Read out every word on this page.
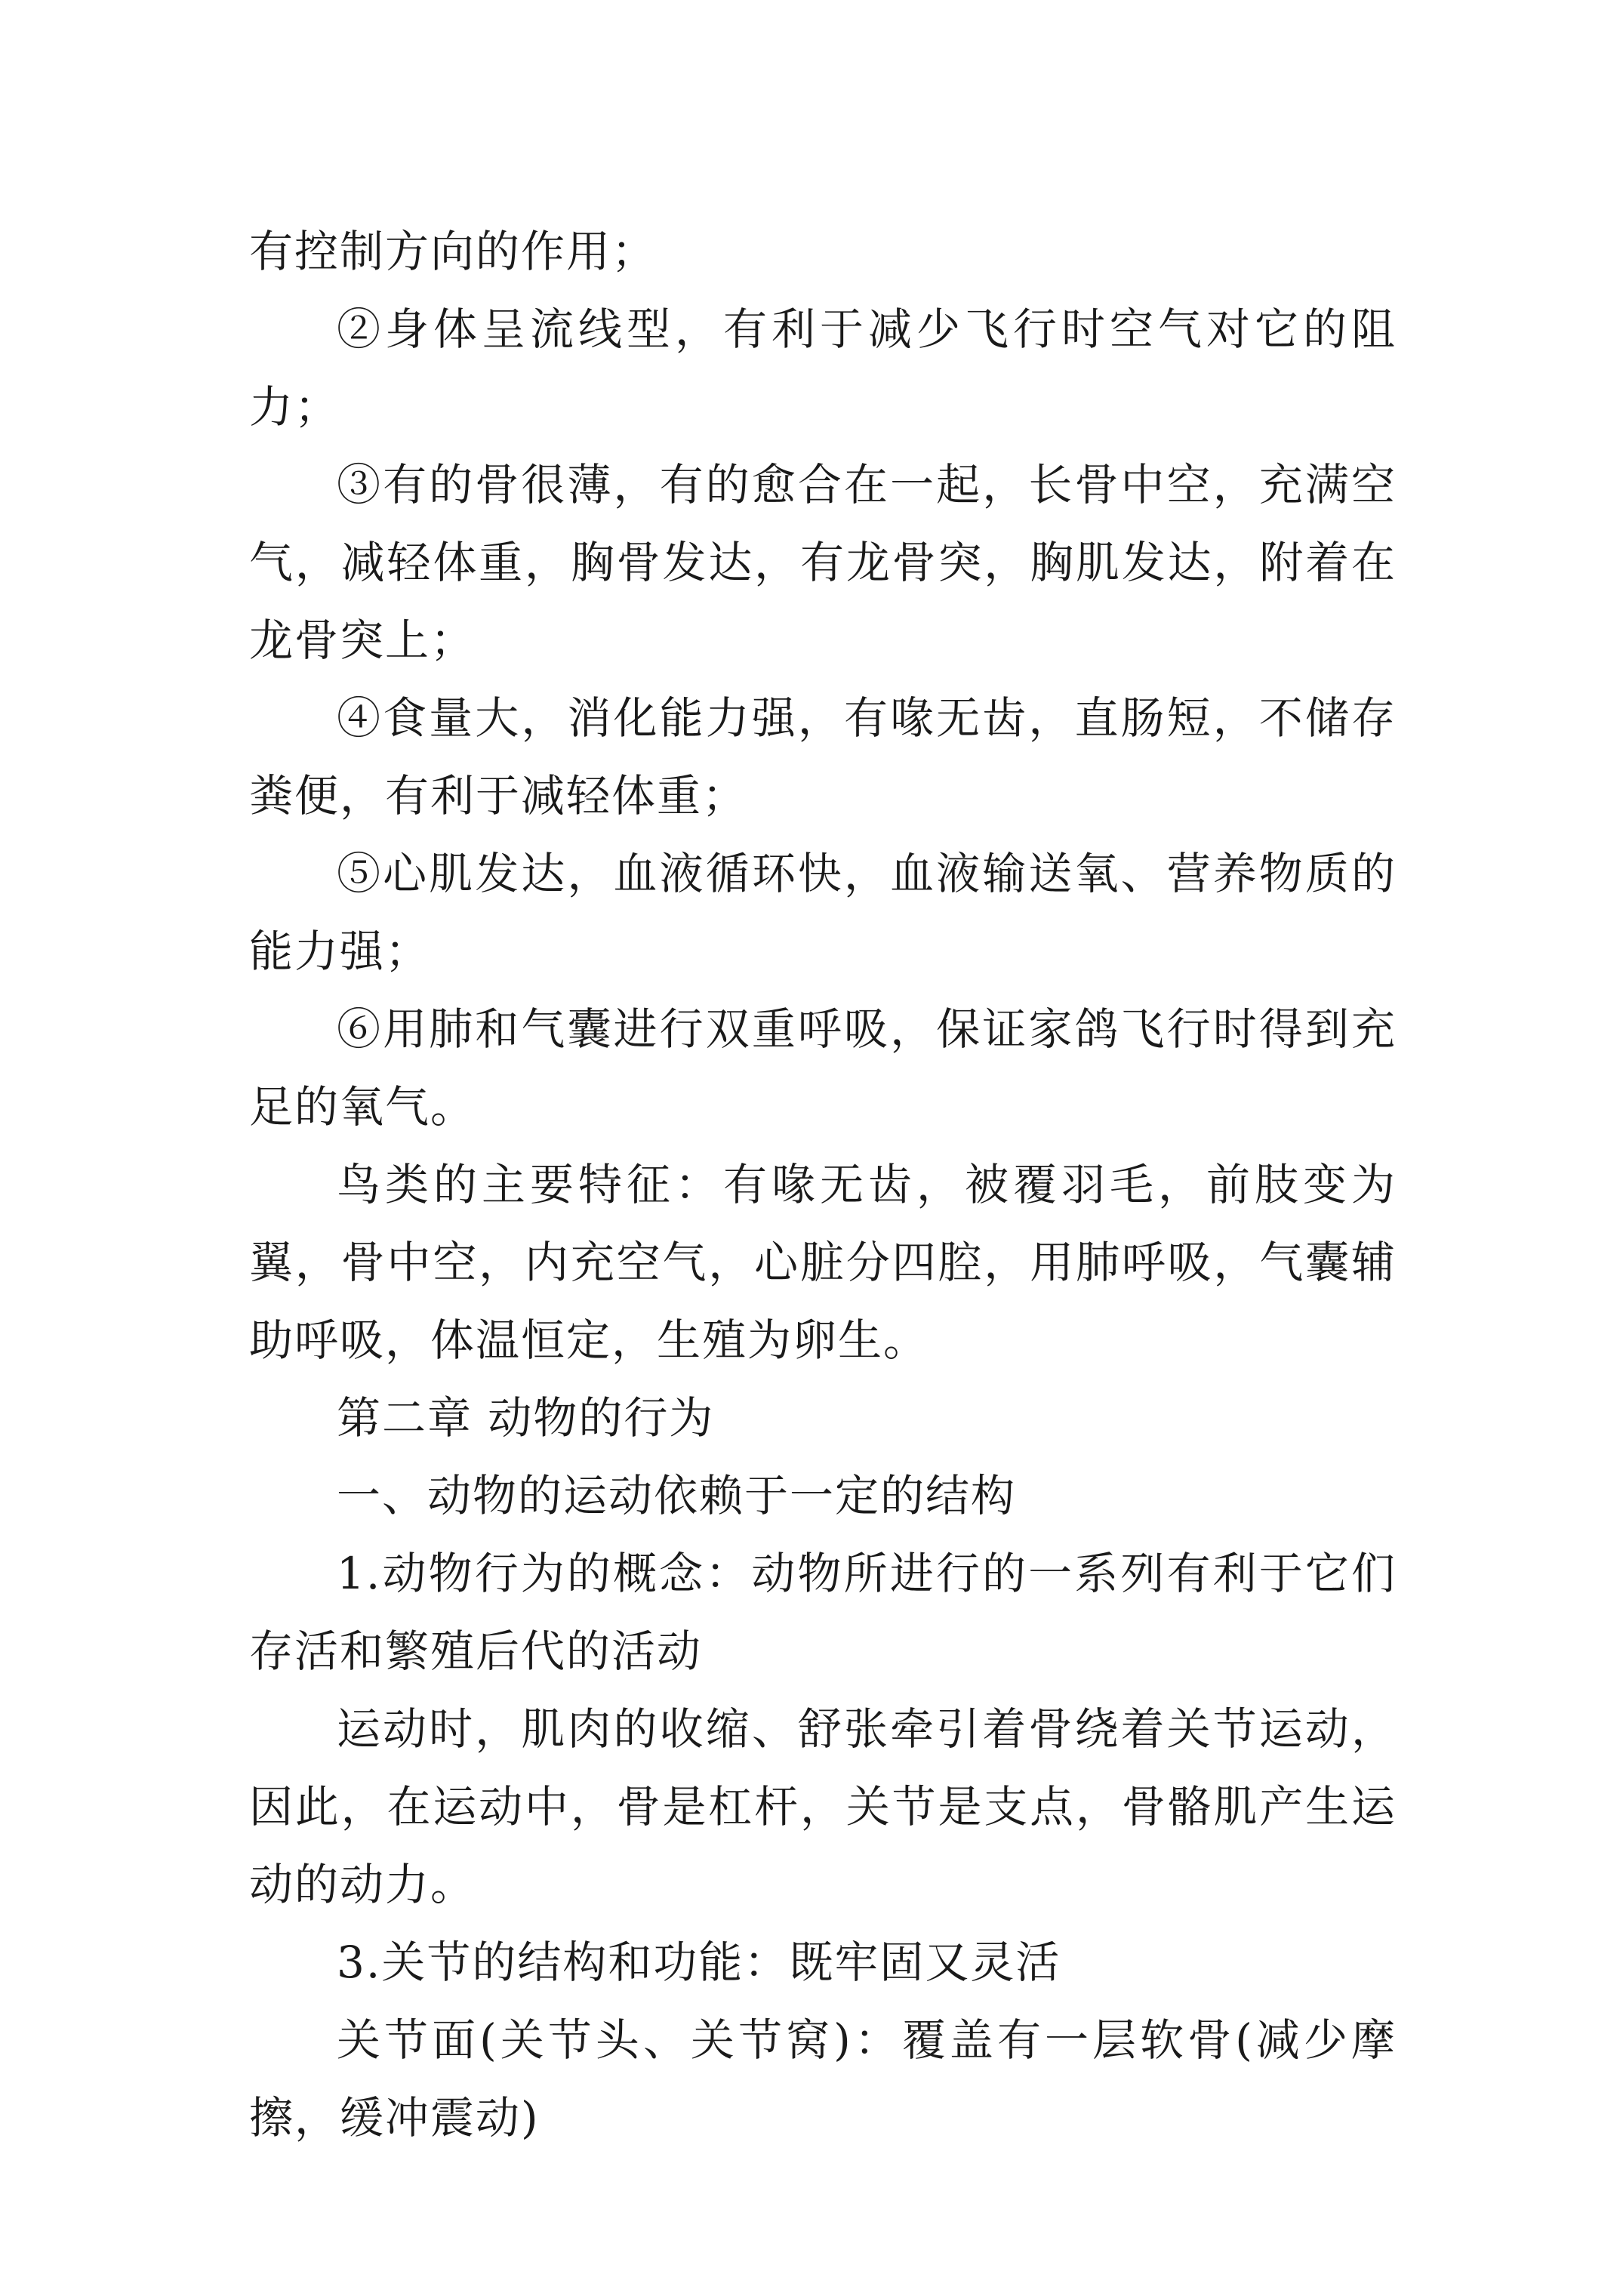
有控制方向的作用；

②身体呈流线型，有利于减少飞行时空气对它的阻力；

③有的骨很薄，有的愈合在一起，长骨中空，充满空气，减轻体重，胸骨发达，有龙骨突，胸肌发达，附着在龙骨突上；

④食量大，消化能力强，有喙无齿，直肠短，不储存粪便，有利于减轻体重；

⑤心肌发达，血液循环快，血液输送氧、营养物质的能力强；

⑥用肺和气囊进行双重呼吸，保证家鸽飞行时得到充足的氧气。

鸟类的主要特征：有喙无齿，被覆羽毛，前肢变为翼，骨中空，内充空气，心脏分四腔，用肺呼吸，气囊辅助呼吸，体温恒定，生殖为卵生。

第二章 动物的行为

一、动物的运动依赖于一定的结构

1.动物行为的概念：动物所进行的一系列有利于它们存活和繁殖后代的活动

运动时，肌肉的收缩、舒张牵引着骨绕着关节运动，因此，在运动中，骨是杠杆，关节是支点，骨骼肌产生运动的动力。

3.关节的结构和功能：既牢固又灵活

关节面(关节头、关节窝)：覆盖有一层软骨(减少摩擦，缓冲震动)
